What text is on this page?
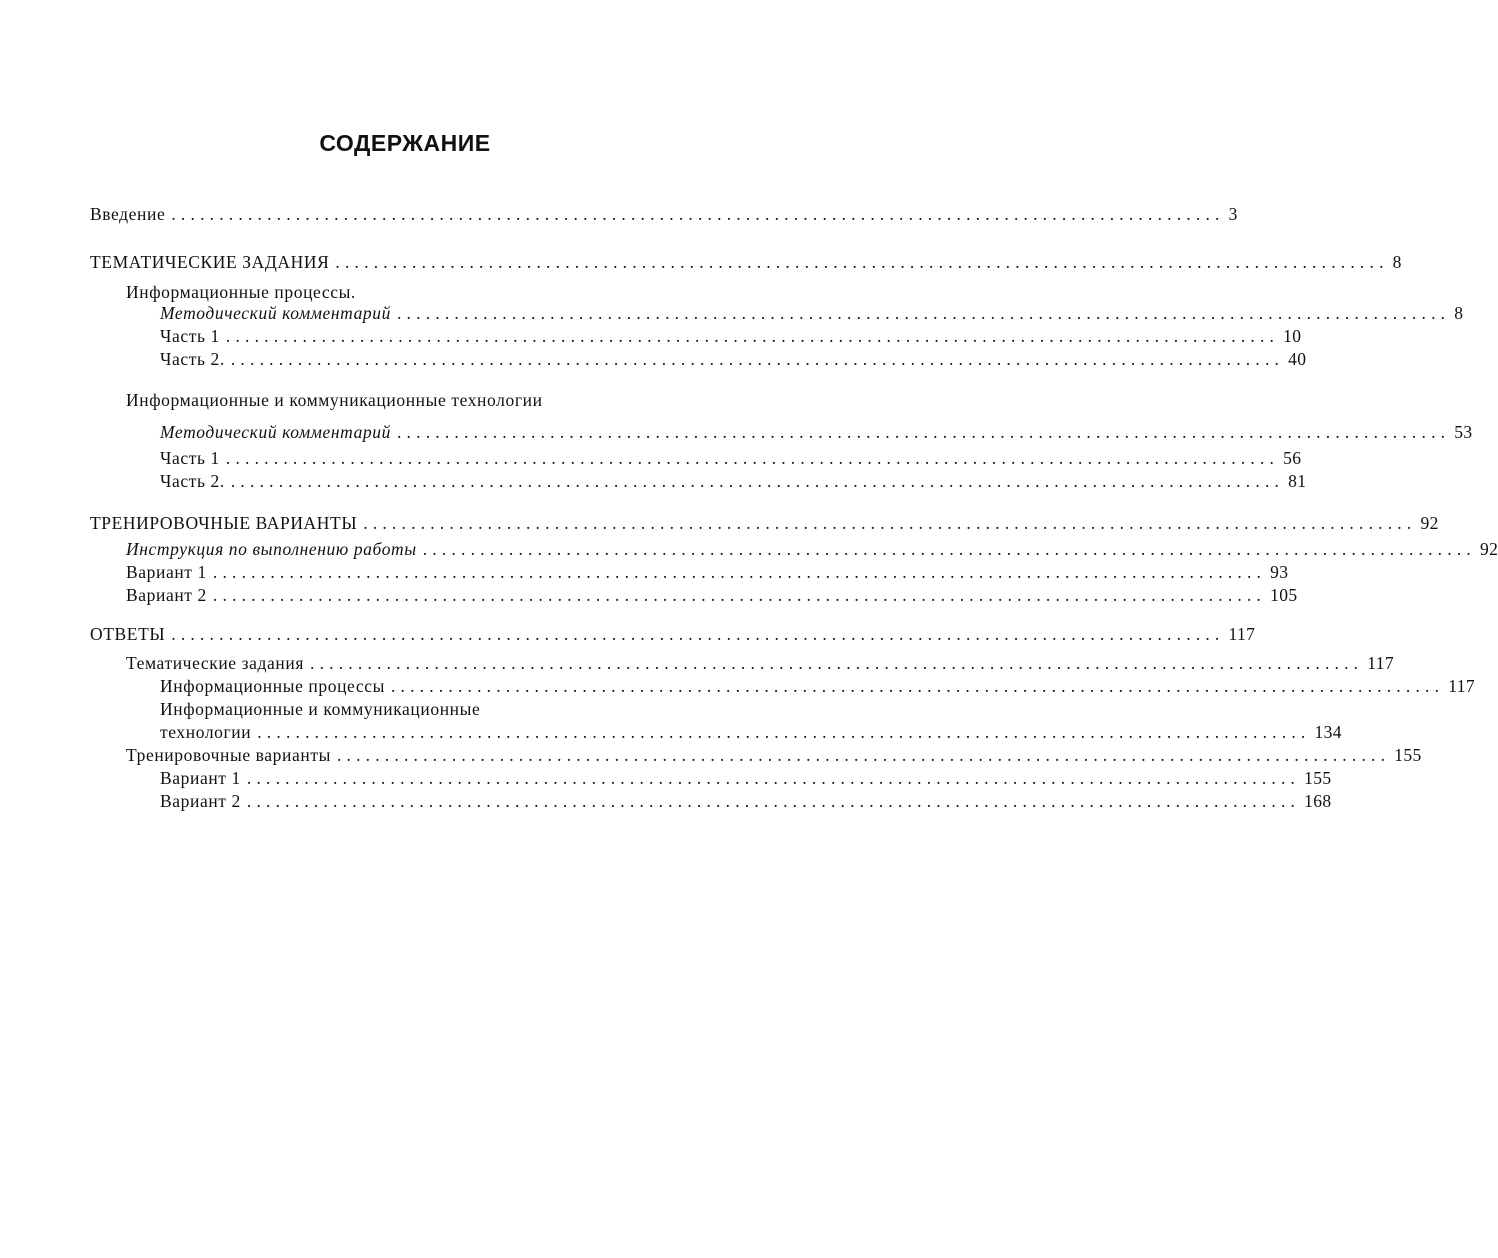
СОДЕРЖАНИЕ
Введение .............................................................................................................. 3
ТЕМАТИЧЕСКИЕ ЗАДАНИЯ .............................................................................................................. 8
Информационные процессы.
Методический комментарий .............................................................................................................. 8
Часть 1 .............................................................................................................. 10
Часть 2. .............................................................................................................. 40
Информационные и коммуникационные технологии
Методический комментарий .............................................................................................................. 53
Часть 1 .............................................................................................................. 56
Часть 2. .............................................................................................................. 81
ТРЕНИРОВОЧНЫЕ ВАРИАНТЫ .............................................................................................................. 92
Инструкция по выполнению работы .............................................................................................................. 92
Вариант 1 .............................................................................................................. 93
Вариант 2 .............................................................................................................. 105
ОТВЕТЫ .............................................................................................................. 117
Тематические задания .............................................................................................................. 117
Информационные процессы .............................................................................................................. 117
Информационные и коммуникационные
технологии .............................................................................................................. 134
Тренировочные варианты .............................................................................................................. 155
Вариант 1 .............................................................................................................. 155
Вариант 2 .............................................................................................................. 168
